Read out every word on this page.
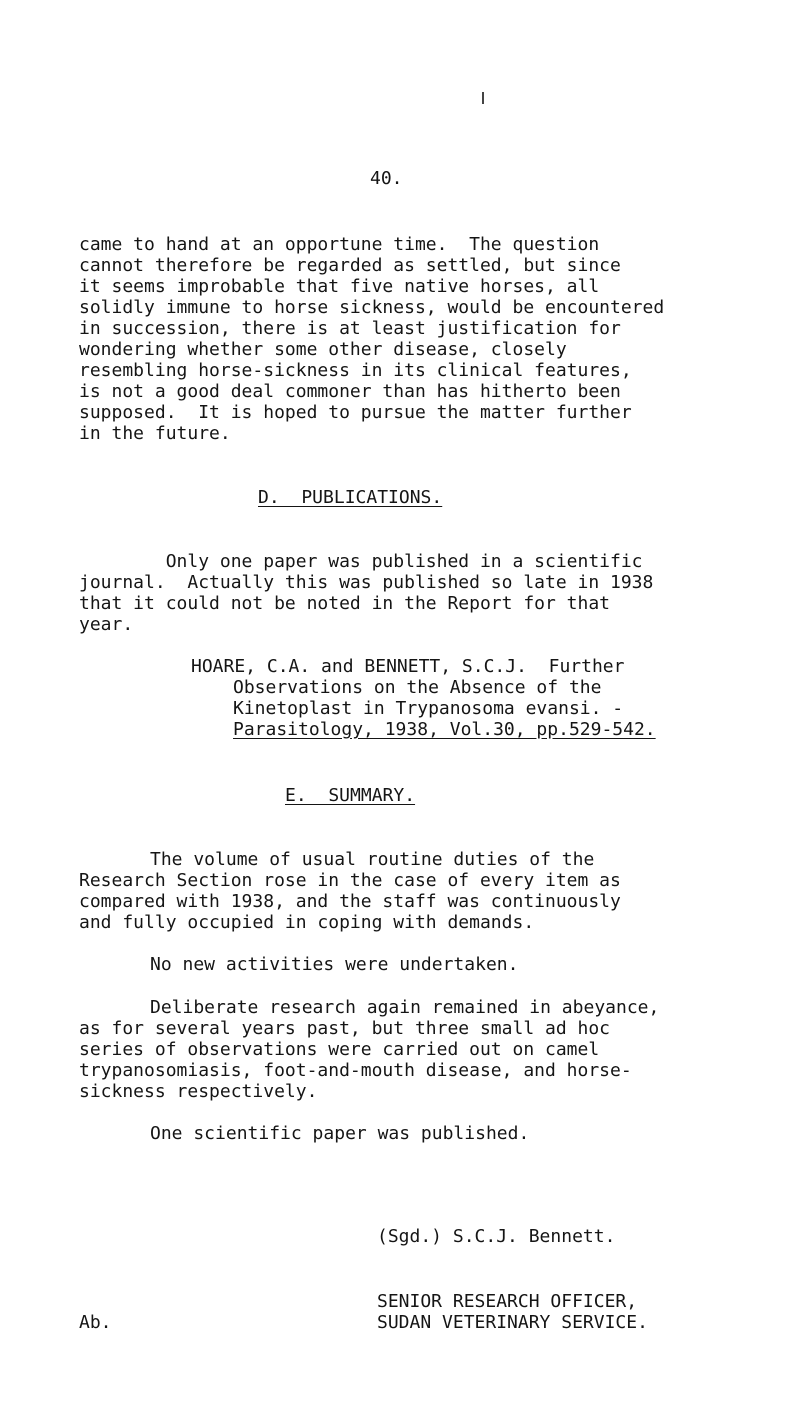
40.
came to hand at an opportune time.  The question
cannot therefore be regarded as settled, but since
it seems improbable that five native horses, all
solidly immune to horse sickness, would be encountered
in succession, there is at least justification for
wondering whether some other disease, closely
resembling horse-sickness in its clinical features,
is not a good deal commoner than has hitherto been
supposed.  It is hoped to pursue the matter further
in the future.
D.  PUBLICATIONS.
Only one paper was published in a scientific
journal.  Actually this was published so late in 1938
that it could not be noted in the Report for that
year.
HOARE, C.A. and BENNETT, S.C.J.  Further
Observations on the Absence of the
Kinetoplast in Trypanosoma evansi. -
Parasitology, 1938, Vol.30, pp.529-542.
E.  SUMMARY.
The volume of usual routine duties of the
Research Section rose in the case of every item as
compared with 1938, and the staff was continuously
and fully occupied in coping with demands.
No new activities were undertaken.
Deliberate research again remained in abeyance,
as for several years past, but three small ad hoc
series of observations were carried out on camel
trypanosomiasis, foot-and-mouth disease, and horse-
sickness respectively.
One scientific paper was published.
(Sgd.) S.C.J. Bennett.
SENIOR RESEARCH OFFICER,
SUDAN VETERINARY SERVICE.
Ab.
